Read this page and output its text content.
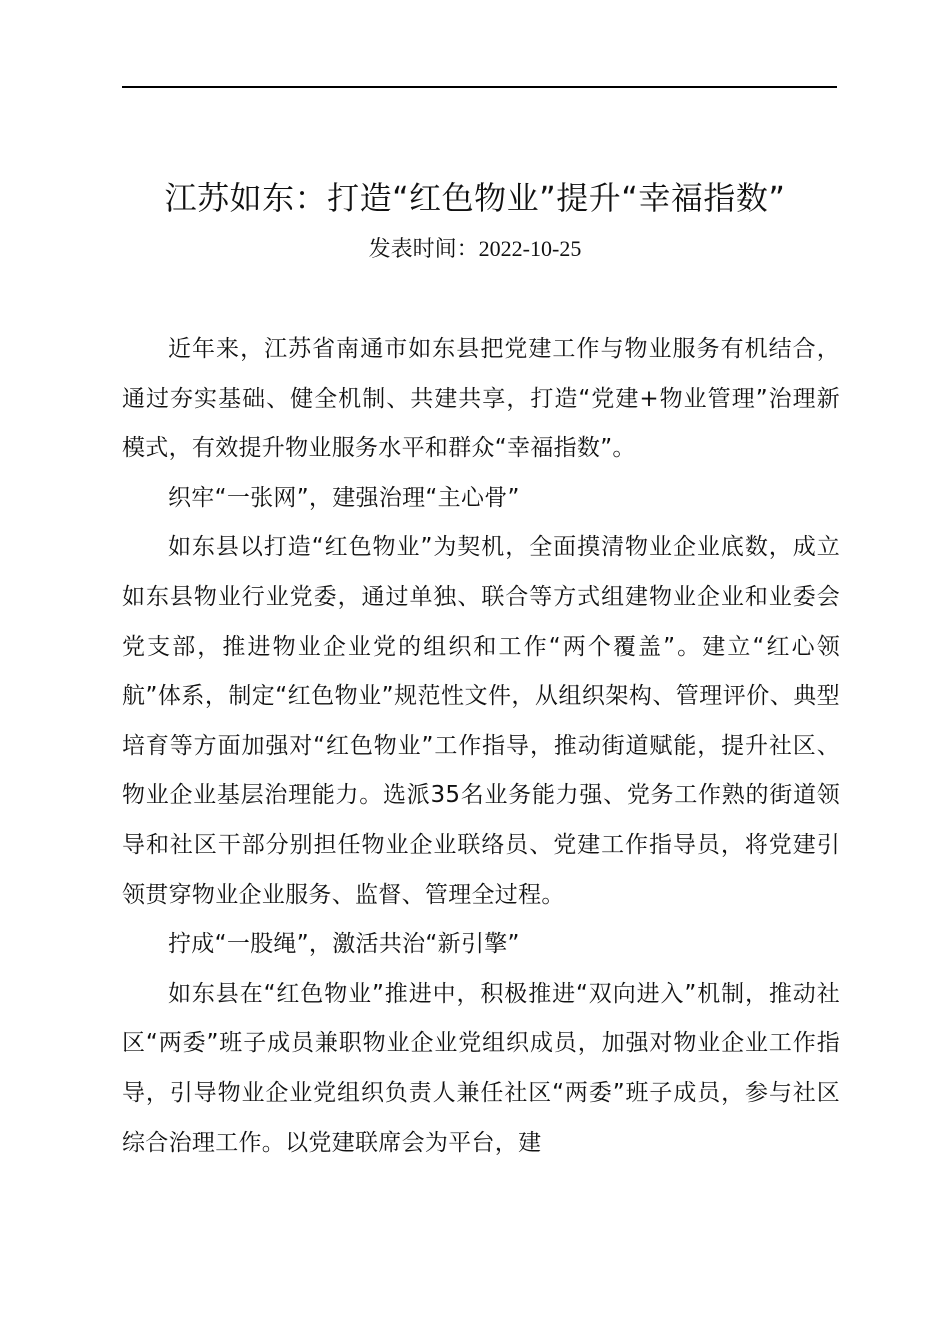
江苏如东：打造“红色物业”提升“幸福指数”
发表时间：2022-10-25

近年来，江苏省南通市如东县把党建工作与物业服务有机结合，通过夯实基础、健全机制、共建共享，打造“党建+物业管理”治理新模式，有效提升物业服务水平和群众“幸福指数”。

织牢“一张网”，建强治理“主心骨”

如东县以打造“红色物业”为契机，全面摸清物业企业底数，成立如东县物业行业党委，通过单独、联合等方式组建物业企业和业委会党支部，推进物业企业党的组织和工作“两个覆盖”。建立“红心领航”体系，制定“红色物业”规范性文件，从组织架构、管理评价、典型培育等方面加强对“红色物业”工作指导，推动街道赋能，提升社区、物业企业基层治理能力。选派35名业务能力强、党务工作熟的街道领导和社区干部分别担任物业企业联络员、党建工作指导员，将党建引领贯穿物业企业服务、监督、管理全过程。

拧成“一股绳”，激活共治“新引擎”

如东县在“红色物业”推进中，积极推进“双向进入”机制，推动社区“两委”班子成员兼职物业企业党组织成员，加强对物业企业工作指导，引导物业企业党组织负责人兼任社区“两委”班子成员，参与社区综合治理工作。以党建联席会为平台，建
